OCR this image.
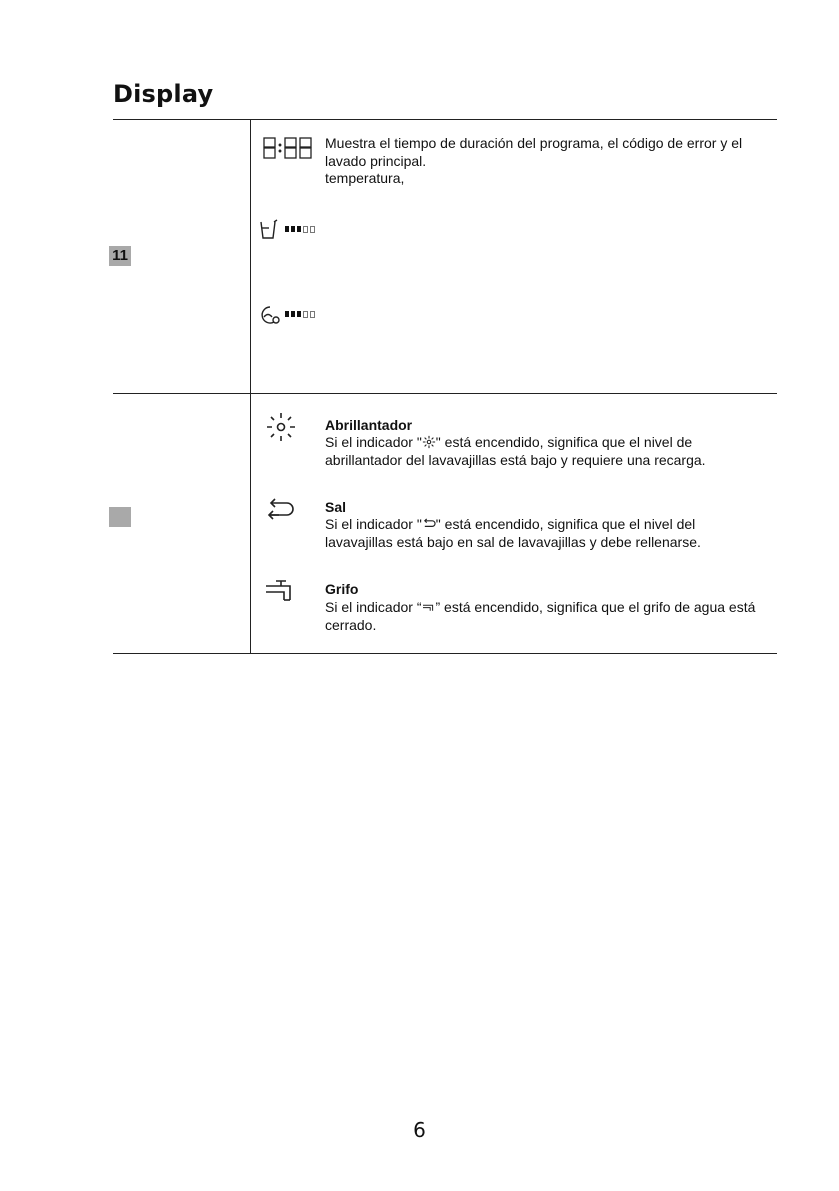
Display
11
Muestra el tiempo de duración del programa, el código de error y el lavado principal.
temperatura,
Abrillantador
Si el indicador " " está encendido, significa que el nivel de
abrillantador del lavavajillas está bajo y requiere una recarga.
Sal
Si el indicador " " está encendido, significa que el nivel del
lavavajillas está bajo en sal de lavavajillas y debe rellenarse.
Grifo
Si el indicador “ ” está encendido, significa que el grifo de agua está
cerrado.
6
